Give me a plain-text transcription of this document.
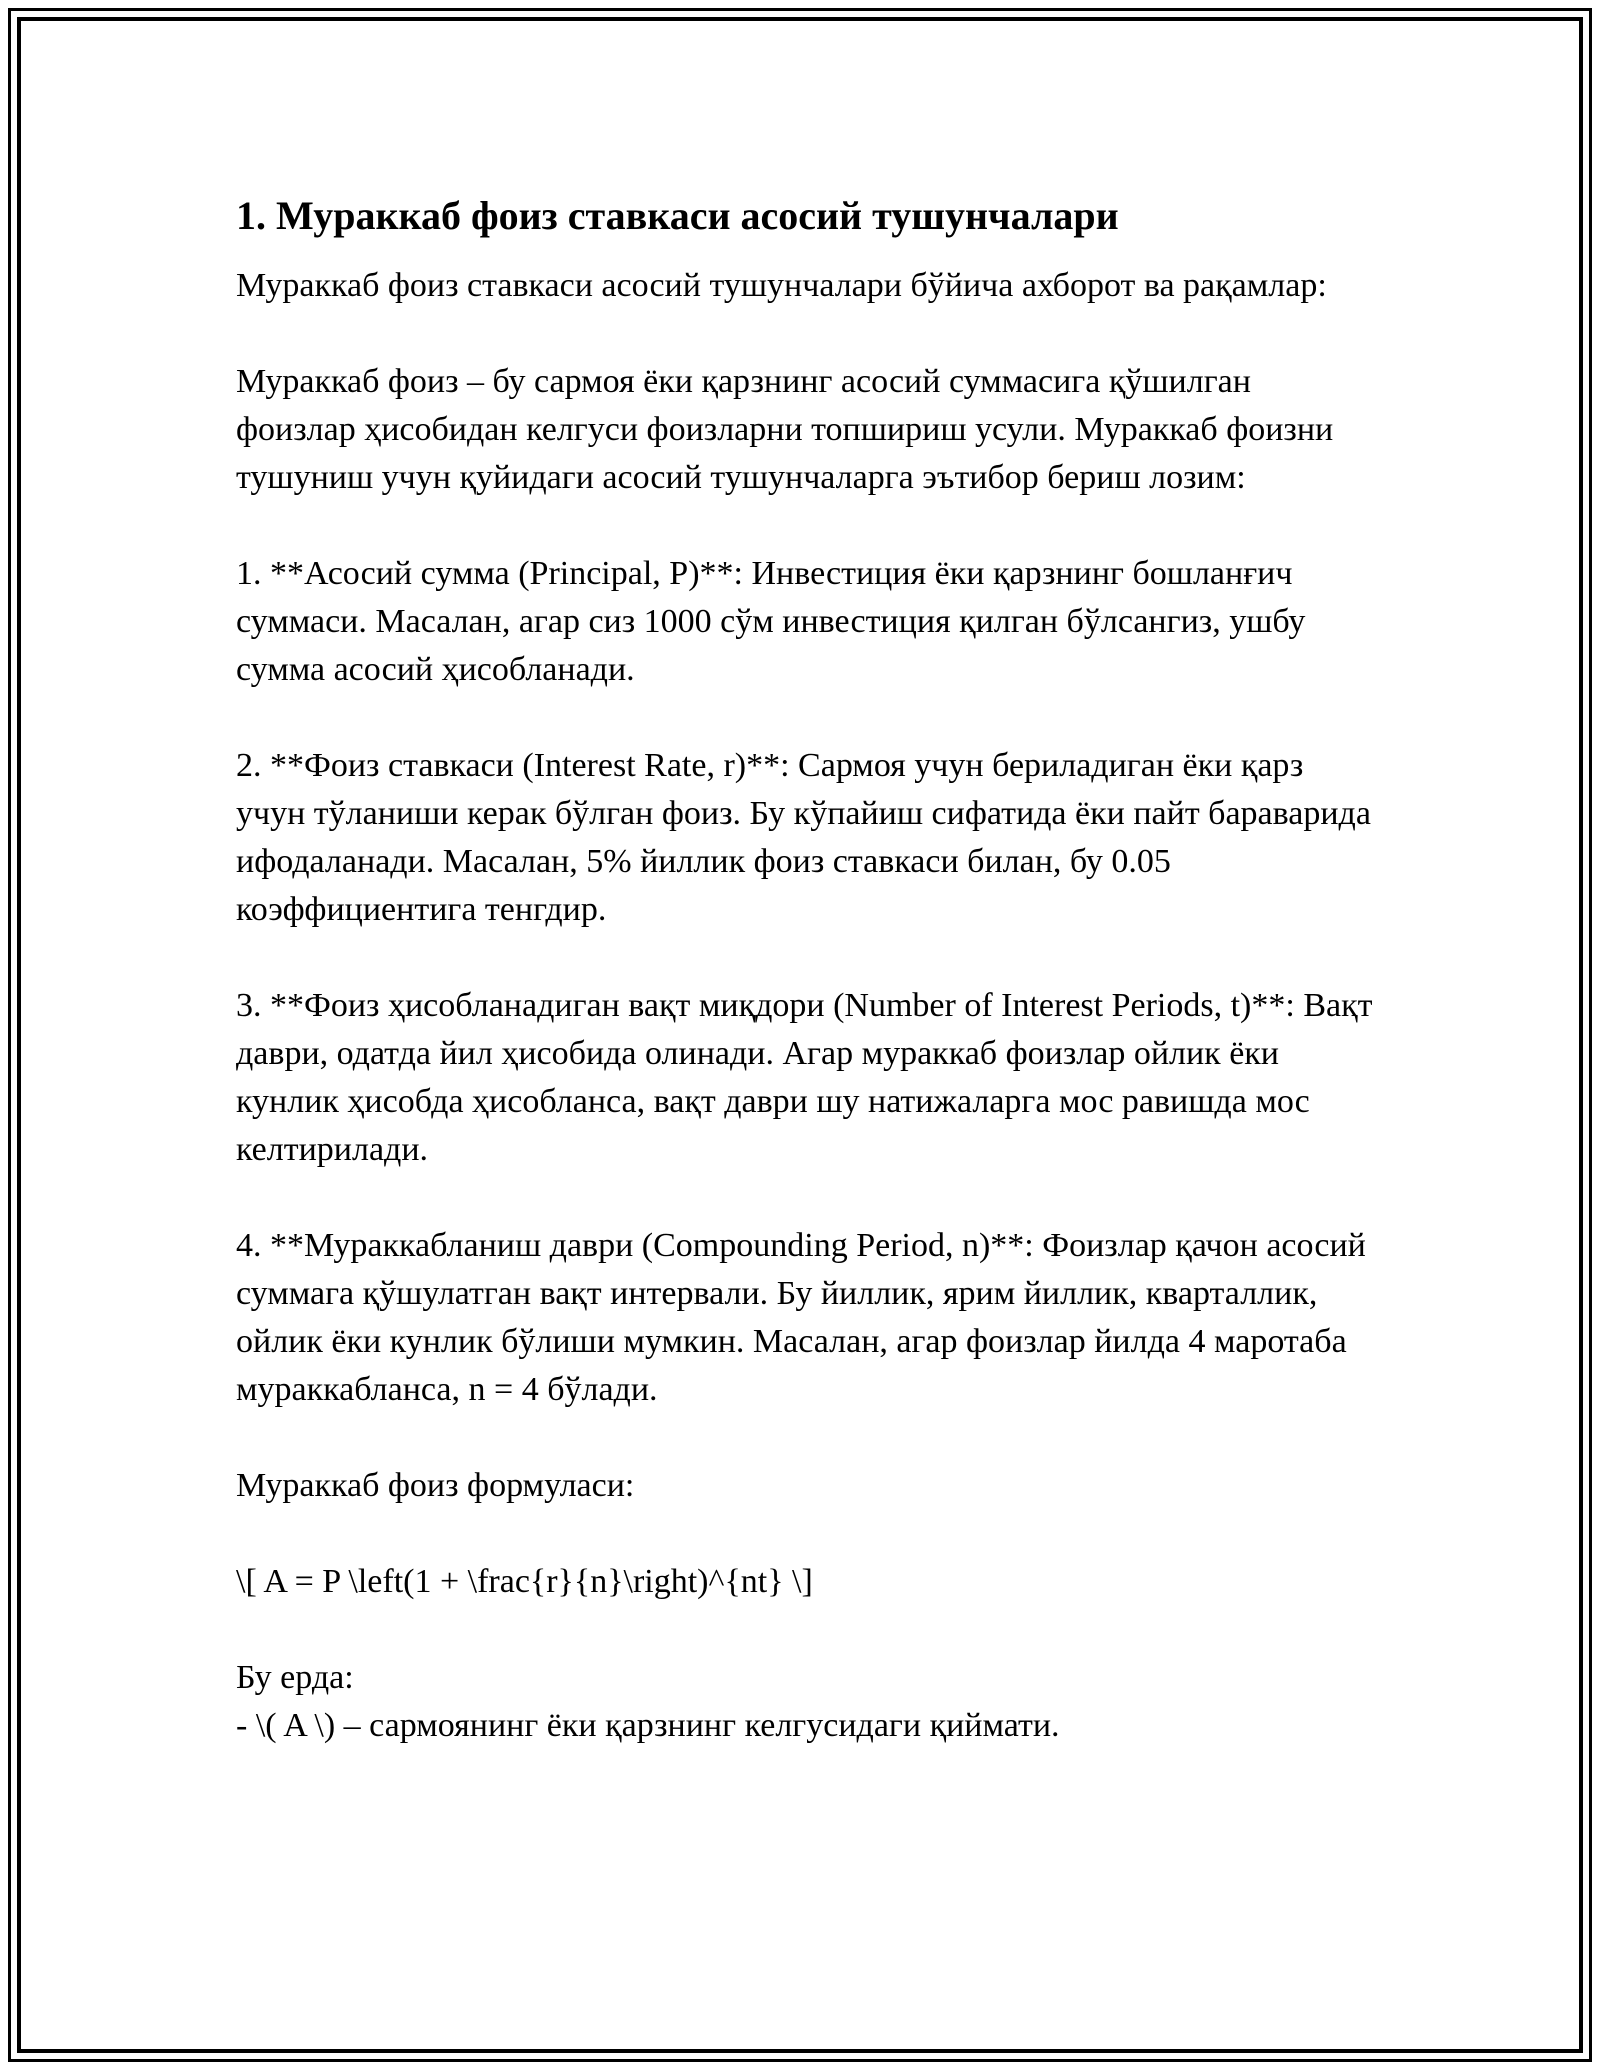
1. Мураккаб фоиз ставкаси асосий тушунчалари

Мураккаб фоиз ставкаси асосий тушунчалари бўйича ахборот ва рақамлар:

Мураккаб фоиз – бу сармоя ёки қарзнинг асосий суммасига қўшилган фоизлар ҳисобидан келгуси фоизларни топшириш усули. Мураккаб фоизни тушуниш учун қуйидаги асосий тушунчаларга эътибор бериш лозим:

1. **Асосий сумма (Principal, P)**: Инвестиция ёки қарзнинг бошланғич суммаси. Масалан, агар сиз 1000 сўм инвестиция қилган бўлсангиз, ушбу сумма асосий ҳисобланади.

2. **Фоиз ставкаси (Interest Rate, r)**: Сармоя учун бериладиган ёки қарз учун тўланиши керак бўлган фоиз. Бу кўпайиш сифатида ёки пайт бараварида ифодаланади. Масалан, 5% йиллик фоиз ставкаси билан, бу 0.05 коэффициентига тенгдир.

3. **Фоиз ҳисобланадиган вақт миқдори (Number of Interest Periods, t)**: Вақт даври, одатда йил ҳисобида олинади. Агар мураккаб фоизлар ойлик ёки кунлик ҳисобда ҳисобланса, вақт даври шу натижаларга мос равишда мос келтирилади.

4. **Мураккабланиш даври (Compounding Period, n)**: Фоизлар қачон асосий суммага қўшулатган вақт интервали. Бу йиллик, ярим йиллик, кварталлик, ойлик ёки кунлик бўлиши мумкин. Масалан, агар фоизлар йилда 4 маротаба мураккабланса, n = 4 бўлади.

Мураккаб фоиз формуласи:

\[ A = P \left(1 + \frac{r}{n}\right)^{nt} \]

Бу ерда:

- \( A \) – сармоянинг ёки қарзнинг келгусидаги қиймати.
